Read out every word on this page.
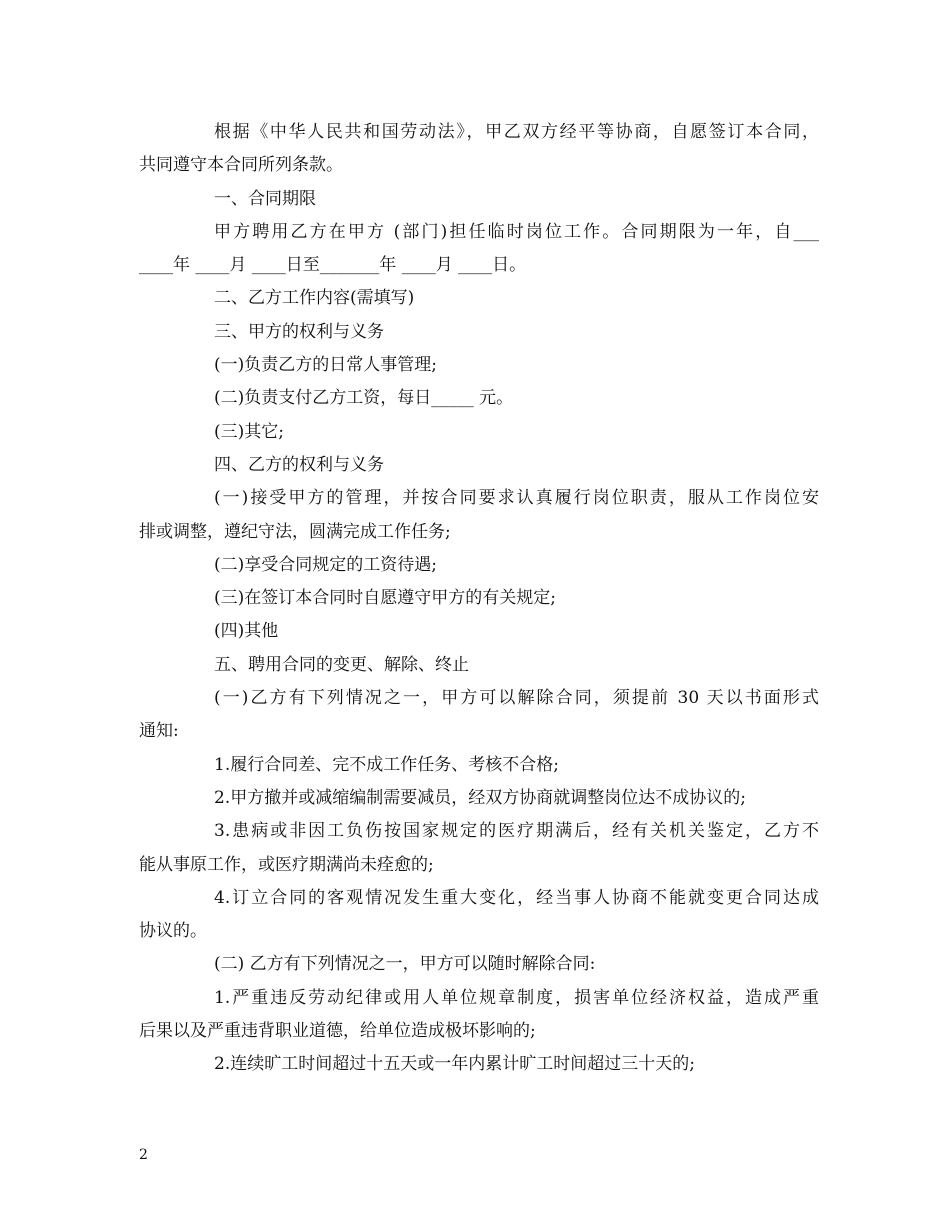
根据《中华人民共和国劳动法》，甲乙双方经平等协商，自愿签订本合同，
共同遵守本合同所列条款。
一、合同期限
甲方聘用乙方在甲方 (部门)担任临时岗位工作。合同期限为一年，自___
____年 ____月 ____日至_______年 ____月 ____日。
二、乙方工作内容(需填写)
三、甲方的权利与义务
(一)负责乙方的日常人事管理;
(二)负责支付乙方工资，每日_____ 元。
(三)其它;
四、乙方的权利与义务
(一)接受甲方的管理，并按合同要求认真履行岗位职责，服从工作岗位安
排或调整，遵纪守法，圆满完成工作任务;
(二)享受合同规定的工资待遇;
(三)在签订本合同时自愿遵守甲方的有关规定;
(四)其他
五、聘用合同的变更、解除、终止
(一)乙方有下列情况之一，甲方可以解除合同，须提前 30 天以书面形式
通知:
1.履行合同差、完不成工作任务、考核不合格;
2.甲方撤并或减缩编制需要减员，经双方协商就调整岗位达不成协议的;
3.患病或非因工负伤按国家规定的医疗期满后，经有关机关鉴定，乙方不
能从事原工作，或医疗期满尚未痊愈的;
4.订立合同的客观情况发生重大变化，经当事人协商不能就变更合同达成
协议的。
(二) 乙方有下列情况之一，甲方可以随时解除合同:
1.严重违反劳动纪律或用人单位规章制度，损害单位经济权益，造成严重
后果以及严重违背职业道德，给单位造成极坏影响的;
2.连续旷工时间超过十五天或一年内累计旷工时间超过三十天的;
2
